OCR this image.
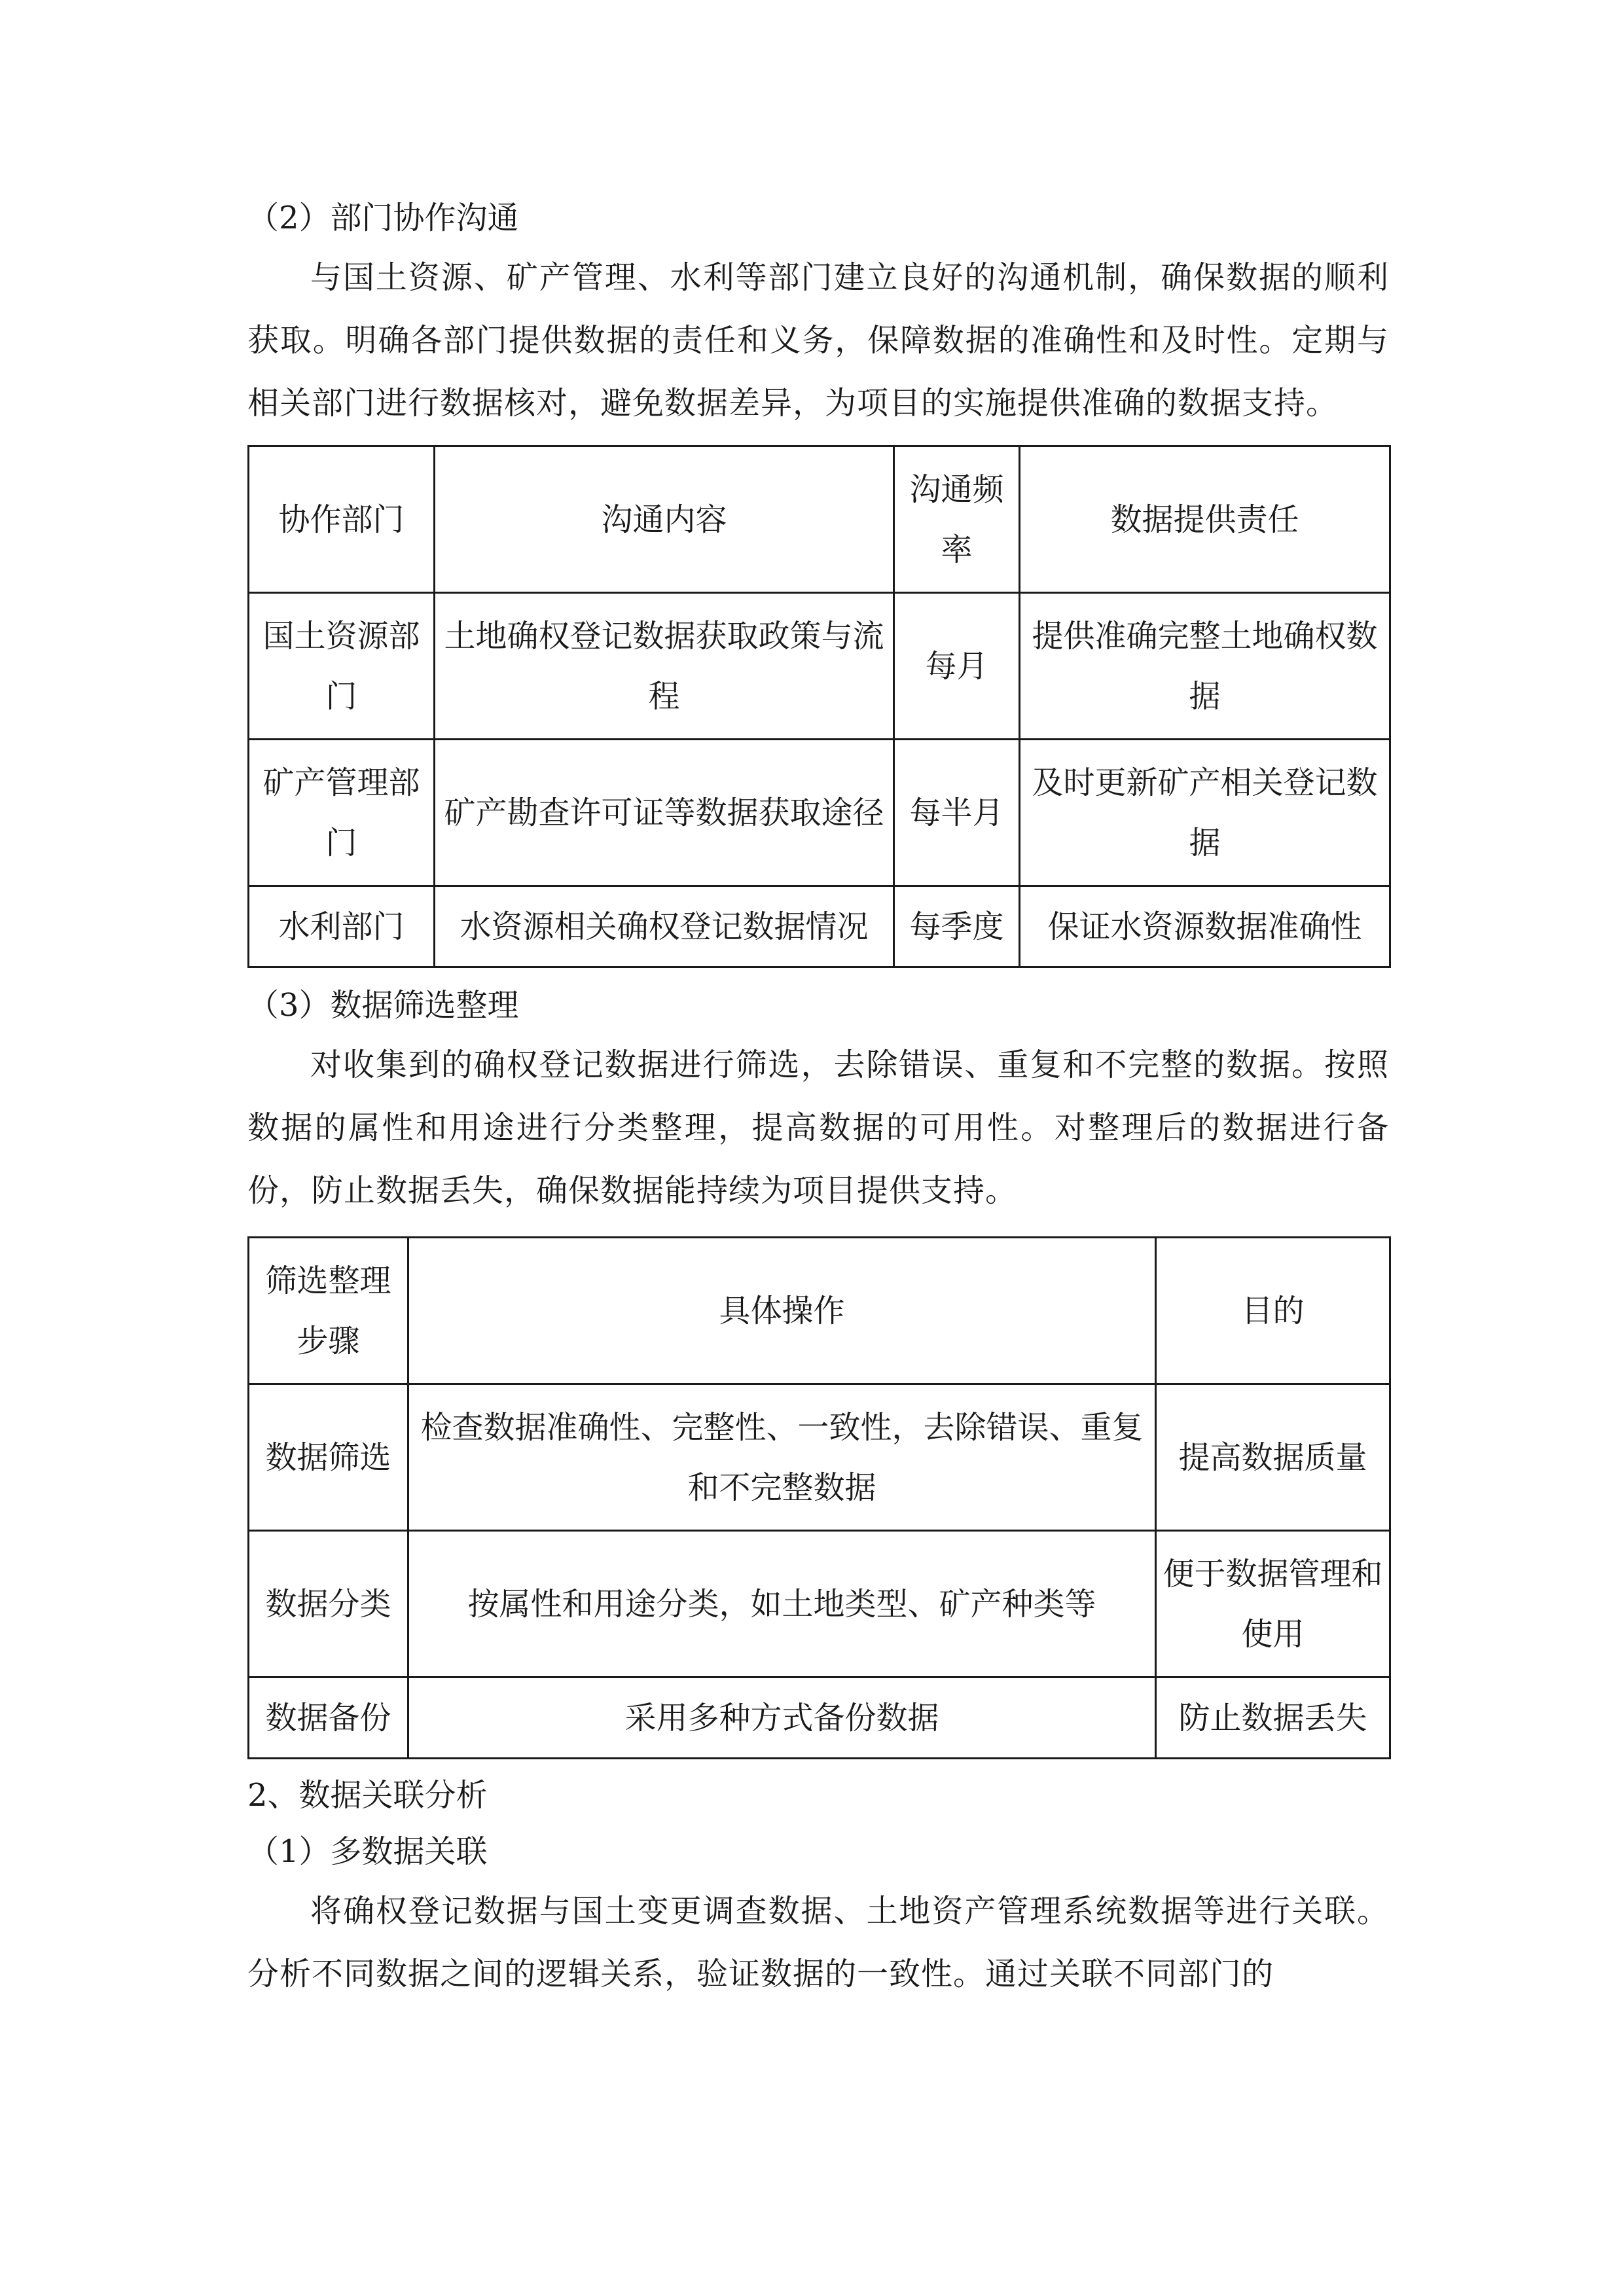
（2）部门协作沟通

与国土资源、矿产管理、水利等部门建立良好的沟通机制，确保数据的顺利获取。明确各部门提供数据的责任和义务，保障数据的准确性和及时性。定期与相关部门进行数据核对，避免数据差异，为项目的实施提供准确的数据支持。

协作部门	沟通内容	沟通频率	数据提供责任
国土资源部门	土地确权登记数据获取政策与流程	每月	提供准确完整土地确权数据
矿产管理部门	矿产勘查许可证等数据获取途径	每半月	及时更新矿产相关登记数据
水利部门	水资源相关确权登记数据情况	每季度	保证水资源数据准确性
（3）数据筛选整理

对收集到的确权登记数据进行筛选，去除错误、重复和不完整的数据。按照数据的属性和用途进行分类整理，提高数据的可用性。对整理后的数据进行备份，防止数据丢失，确保数据能持续为项目提供支持。

筛选整理步骤	具体操作	目的
数据筛选	检查数据准确性、完整性、一致性，去除错误、重复和不完整数据	提高数据质量
数据分类	按属性和用途分类，如土地类型、矿产种类等	便于数据管理和使用
数据备份	采用多种方式备份数据	防止数据丢失
2、数据关联分析
（1）多数据关联

将确权登记数据与国土变更调查数据、土地资产管理系统数据等进行关联。分析不同数据之间的逻辑关系，验证数据的一致性。通过关联不同部门的
